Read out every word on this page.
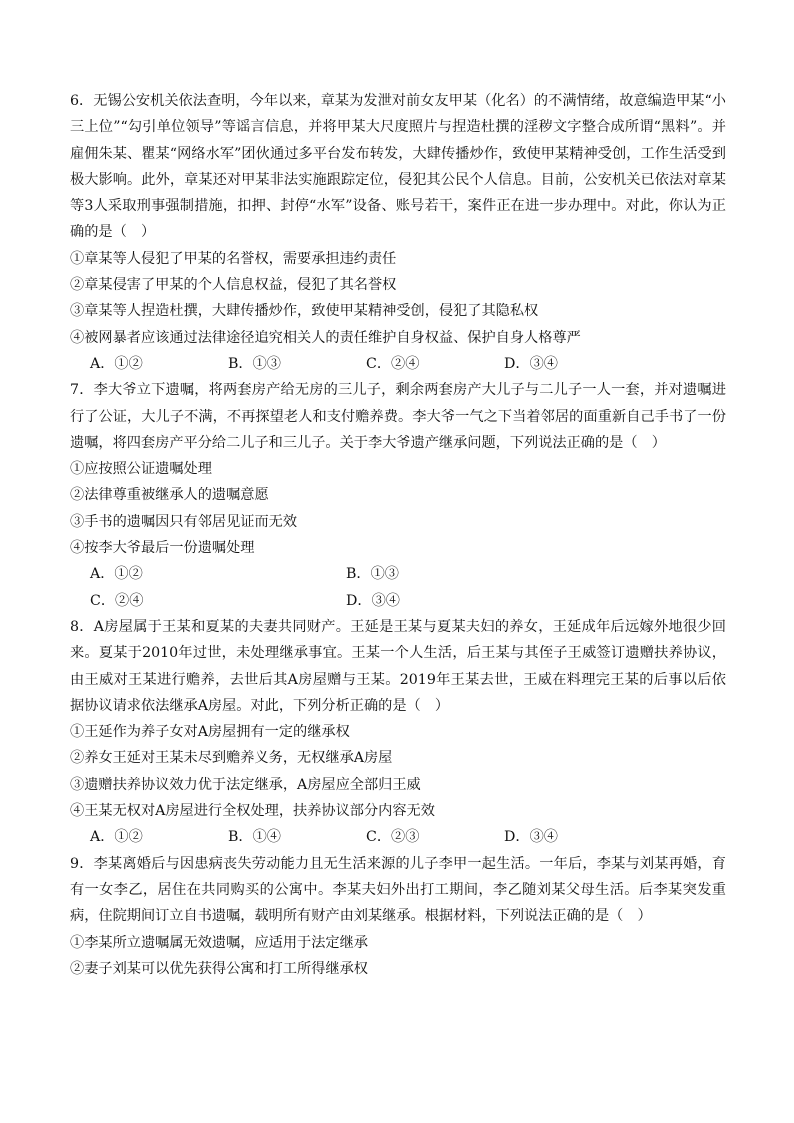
6．无锡公安机关依法查明，今年以来，章某为发泄对前女友甲某（化名）的不满情绪，故意编造甲某“小三上位”“勾引单位领导”等谣言信息，并将甲某大尺度照片与捏造杜撰的淫秽文字整合成所谓“黑料”。并雇佣朱某、瞿某“网络水军”团伙通过多平台发布转发，大肆传播炒作，致使甲某精神受创，工作生活受到极大影响。此外，章某还对甲某非法实施跟踪定位，侵犯其公民个人信息。目前，公安机关已依法对章某等3人采取刑事强制措施，扣押、封停“水军”设备、账号若干，案件正在进一步办理中。对此，你认为正确的是（　）

①章某等人侵犯了甲某的名誉权，需要承担违约责任

②章某侵害了甲某的个人信息权益，侵犯了其名誉权

③章某等人捏造杜撰，大肆传播炒作，致使甲某精神受创，侵犯了其隐私权

④被网暴者应该通过法律途径追究相关人的责任维护自身权益、保护自身人格尊严

A．①②	B．①③	C．②④	D．③④

7．李大爷立下遗嘱，将两套房产给无房的三儿子，剩余两套房产大儿子与二儿子一人一套，并对遗嘱进行了公证，大儿子不满，不再探望老人和支付赡养费。李大爷一气之下当着邻居的面重新自己手书了一份遗嘱，将四套房产平分给二儿子和三儿子。关于李大爷遗产继承问题，下列说法正确的是（　）

①应按照公证遗嘱处理

②法律尊重被继承人的遗嘱意愿

③手书的遗嘱因只有邻居见证而无效

④按李大爷最后一份遗嘱处理

A．①②	B．①③
C．②④	D．③④

8．A房屋属于王某和夏某的夫妻共同财产。王延是王某与夏某夫妇的养女，王延成年后远嫁外地很少回来。夏某于2010年过世，未处理继承事宜。王某一个人生活，后王某与其侄子王威签订遗赠扶养协议，由王威对王某进行赡养，去世后其A房屋赠与王某。2019年王某去世，王威在料理完王某的后事以后依据协议请求依法继承A房屋。对此，下列分析正确的是（　）

①王延作为养子女对A房屋拥有一定的继承权

②养女王延对王某未尽到赡养义务，无权继承A房屋

③遗赠扶养协议效力优于法定继承，A房屋应全部归王威

④王某无权对A房屋进行全权处理，扶养协议部分内容无效

A．①②	B．①④	C．②③	D．③④

9．李某离婚后与因患病丧失劳动能力且无生活来源的儿子李甲一起生活。一年后，李某与刘某再婚，育有一女李乙，居住在共同购买的公寓中。李某夫妇外出打工期间，李乙随刘某父母生活。后李某突发重病，住院期间订立自书遗嘱，载明所有财产由刘某继承。根据材料，下列说法正确的是（　）

①李某所立遗嘱属无效遗嘱，应适用于法定继承

②妻子刘某可以优先获得公寓和打工所得继承权
